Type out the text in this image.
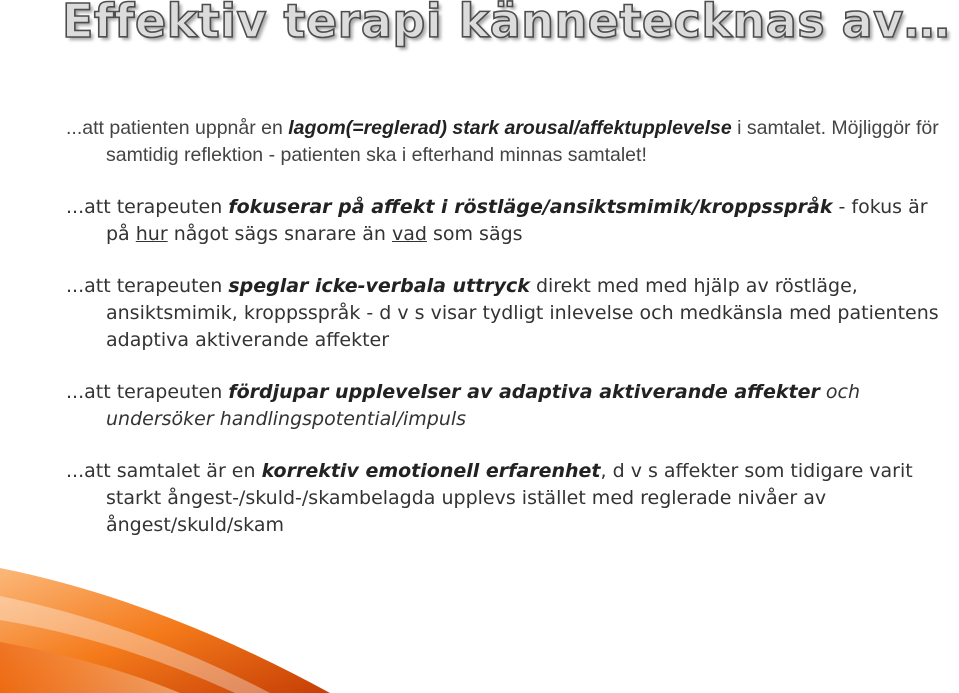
Effektiv terapi kännetecknas av…

...att patienten uppnår en lagom(=reglerad) stark arousal/affektupplevelse i samtalet. Möjliggör för samtidig reflektion - patienten ska i efterhand minnas samtalet!

...att terapeuten fokuserar på affekt i röstläge/ansiktsmimik/kroppsspråk - fokus är på hur något sägs snarare än vad som sägs

...att terapeuten speglar icke-verbala uttryck direkt med med hjälp av röstläge, ansiktsmimik, kroppsspråk - d v s visar tydligt inlevelse och medkänsla med patientens adaptiva aktiverande affekter

...att terapeuten fördjupar upplevelser av adaptiva aktiverande affekter och undersöker handlingspotential/impuls

...att samtalet är en korrektiv emotionell erfarenhet, d v s affekter som tidigare varit starkt ångest-/skuld-/skambelagda upplevs istället med reglerade nivåer av ångest/skuld/skam
